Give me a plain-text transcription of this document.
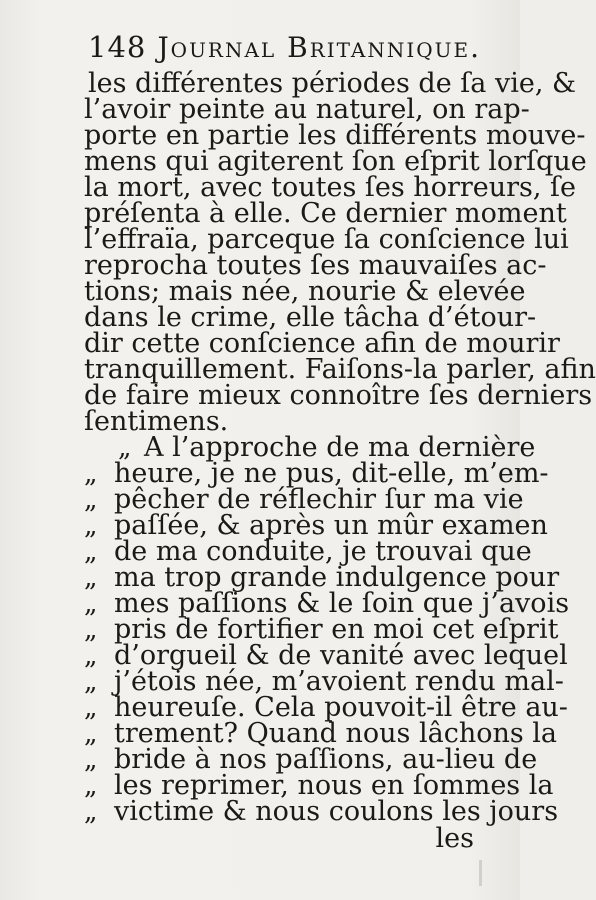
148 Journal Britannique.
les différentes périodes de ſa vie, &
l’avoir peinte au naturel, on rap-
porte en partie les différents mouve-
mens qui agiterent ſon eſprit lorſque
la mort, avec toutes ſes horreurs, ſe
préſenta à elle. Ce dernier moment
l’effraïa, parceque ſa conſcience lui
reprocha toutes ſes mauvaiſes ac-
tions; mais née, nourie & elevée
dans le crime, elle tâcha d’étour-
dir cette conſcience afin de mourir
tranquillement. Faiſons-la parler, afin
de faire mieux connoître ſes derniers
ſentimens.
„ A l’approche de ma dernière
„ heure, je ne pus, dit-elle, m’em-
„ pêcher de réflechir ſur ma vie
„ paſſée, & après un mûr examen
„ de ma conduite, je trouvai que
„ ma trop grande indulgence pour
„ mes paſſions & le ſoin que j’avois
„ pris de fortifier en moi cet eſprit
„ d’orgueil & de vanité avec lequel
„ j’étois née, m’avoient rendu mal-
„ heureuſe. Cela pouvoit-il être au-
„ trement? Quand nous lâchons la
„ bride à nos paſſions, au-lieu de
„ les reprimer, nous en ſommes la
„ victime & nous coulons les jours
les
